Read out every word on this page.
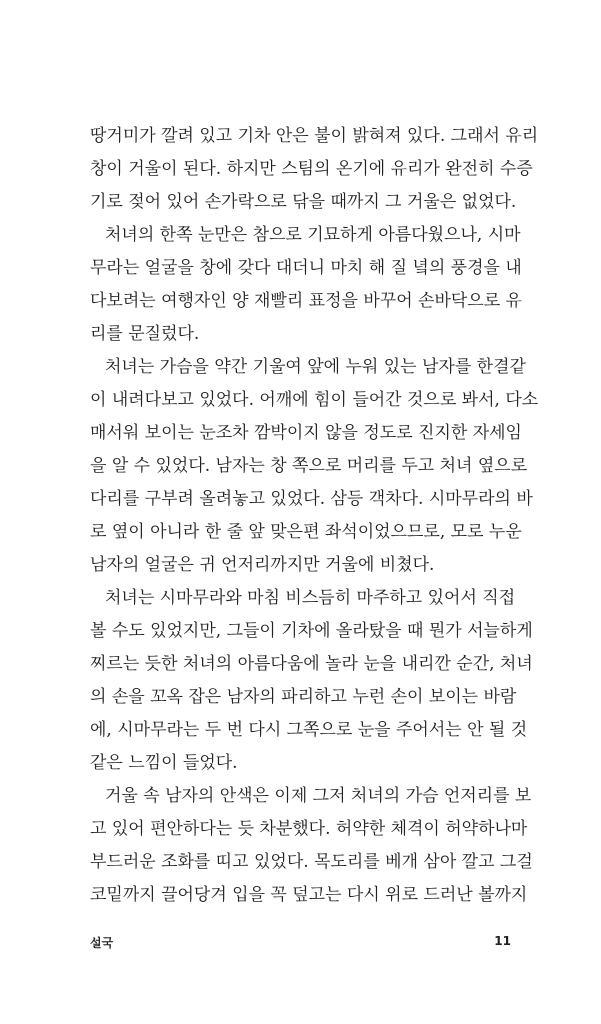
땅거미가 깔려 있고 기차 안은 불이 밝혀져 있다. 그래서 유리
창이 거울이 된다. 하지만 스팀의 온기에 유리가 완전히 수증
기로 젖어 있어 손가락으로 닦을 때까지 그 거울은 없었다.
처녀의 한쪽 눈만은 참으로 기묘하게 아름다웠으나, 시마
무라는 얼굴을 창에 갖다 대더니 마치 해 질 녘의 풍경을 내
다보려는 여행자인 양 재빨리 표정을 바꾸어 손바닥으로 유
리를 문질렀다.
처녀는 가슴을 약간 기울여 앞에 누워 있는 남자를 한결같
이 내려다보고 있었다. 어깨에 힘이 들어간 것으로 봐서, 다소
매서워 보이는 눈조차 깜박이지 않을 정도로 진지한 자세임
을 알 수 있었다. 남자는 창 쪽으로 머리를 두고 처녀 옆으로
다리를 구부려 올려놓고 있었다. 삼등 객차다. 시마무라의 바
로 옆이 아니라 한 줄 앞 맞은편 좌석이었으므로, 모로 누운
남자의 얼굴은 귀 언저리까지만 거울에 비쳤다.
처녀는 시마무라와 마침 비스듬히 마주하고 있어서 직접
볼 수도 있었지만, 그들이 기차에 올라탔을 때 뭔가 서늘하게
찌르는 듯한 처녀의 아름다움에 놀라 눈을 내리깐 순간, 처녀
의 손을 꼬옥 잡은 남자의 파리하고 누런 손이 보이는 바람
에, 시마무라는 두 번 다시 그쪽으로 눈을 주어서는 안 될 것
같은 느낌이 들었다.
거울 속 남자의 안색은 이제 그저 처녀의 가슴 언저리를 보
고 있어 편안하다는 듯 차분했다. 허약한 체격이 허약하나마
부드러운 조화를 띠고 있었다. 목도리를 베개 삼아 깔고 그걸
코밑까지 끌어당겨 입을 꼭 덮고는 다시 위로 드러난 볼까지
설국	11
